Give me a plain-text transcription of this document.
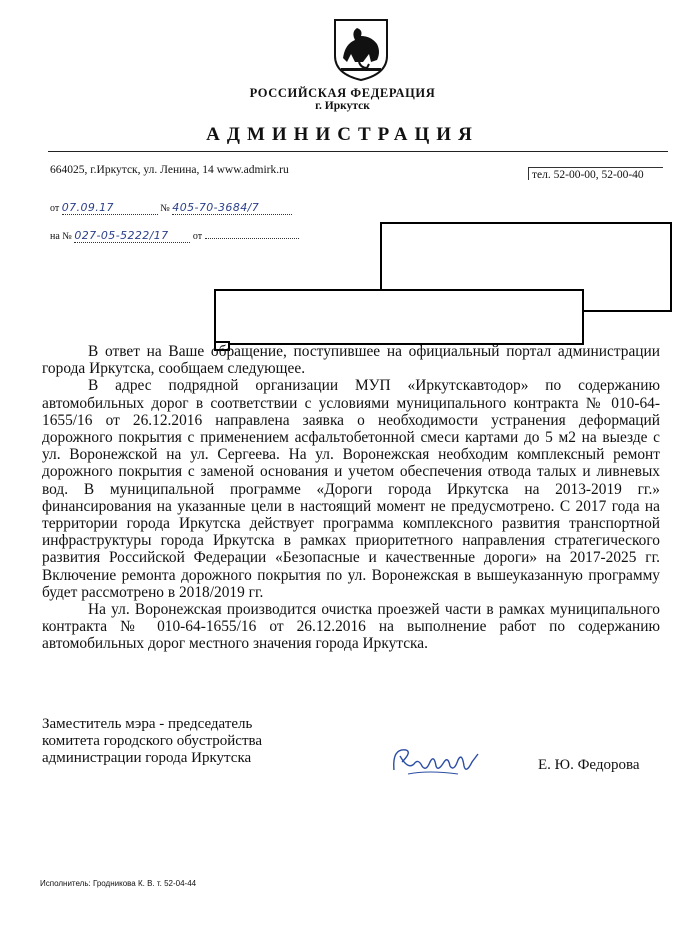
РОССИЙСКАЯ ФЕДЕРАЦИЯ
г. Иркутск
АДМИНИСТРАЦИЯ
664025, г.Иркутск, ул. Ленина, 14 www.admirk.ru	тел. 52-00-00, 52-00-40
от 07.09.17	№ 405-70-3684/7
на № 027-05-5222/17 от

В ответ на Ваше обращение, поступившее на официальный портал администрации города Иркутска, сообщаем следующее.

В адрес подрядной организации МУП «Иркутскавтодор» по содержанию автомобильных дорог в соответствии с условиями муниципального контракта № 010-64-1655/16 от 26.12.2016 направлена заявка о необходимости устранения деформаций дорожного покрытия с применением асфальтобетонной смеси картами до 5 м2 на выезде с ул. Воронежской на ул. Сергеева. На ул. Воронежская необходим комплексный ремонт дорожного покрытия с заменой основания и учетом обеспечения отвода талых и ливневых вод. В муниципальной программе «Дороги города Иркутска на 2013-2019 гг.» финансирования на указанные цели в настоящий момент не предусмотрено. С 2017 года на территории города Иркутска действует программа комплексного развития транспортной инфраструктуры города Иркутска в рамках приоритетного направления стратегического развития Российской Федерации «Безопасные и качественные дороги» на 2017-2025 гг. Включение ремонта дорожного покрытия по ул. Воронежская в вышеуказанную программу будет рассмотрено в 2018/2019 гг.

На ул. Воронежская производится очистка проезжей части в рамках муниципального контракта № 010-64-1655/16 от 26.12.2016 на выполнение работ по содержанию автомобильных дорог местного значения города Иркутска.

Заместитель мэра - председатель
комитета городского обустройства
администрации города Иркутска	Е. Ю. Федорова
Исполнитель: Гродникова К. В. т. 52-04-44
